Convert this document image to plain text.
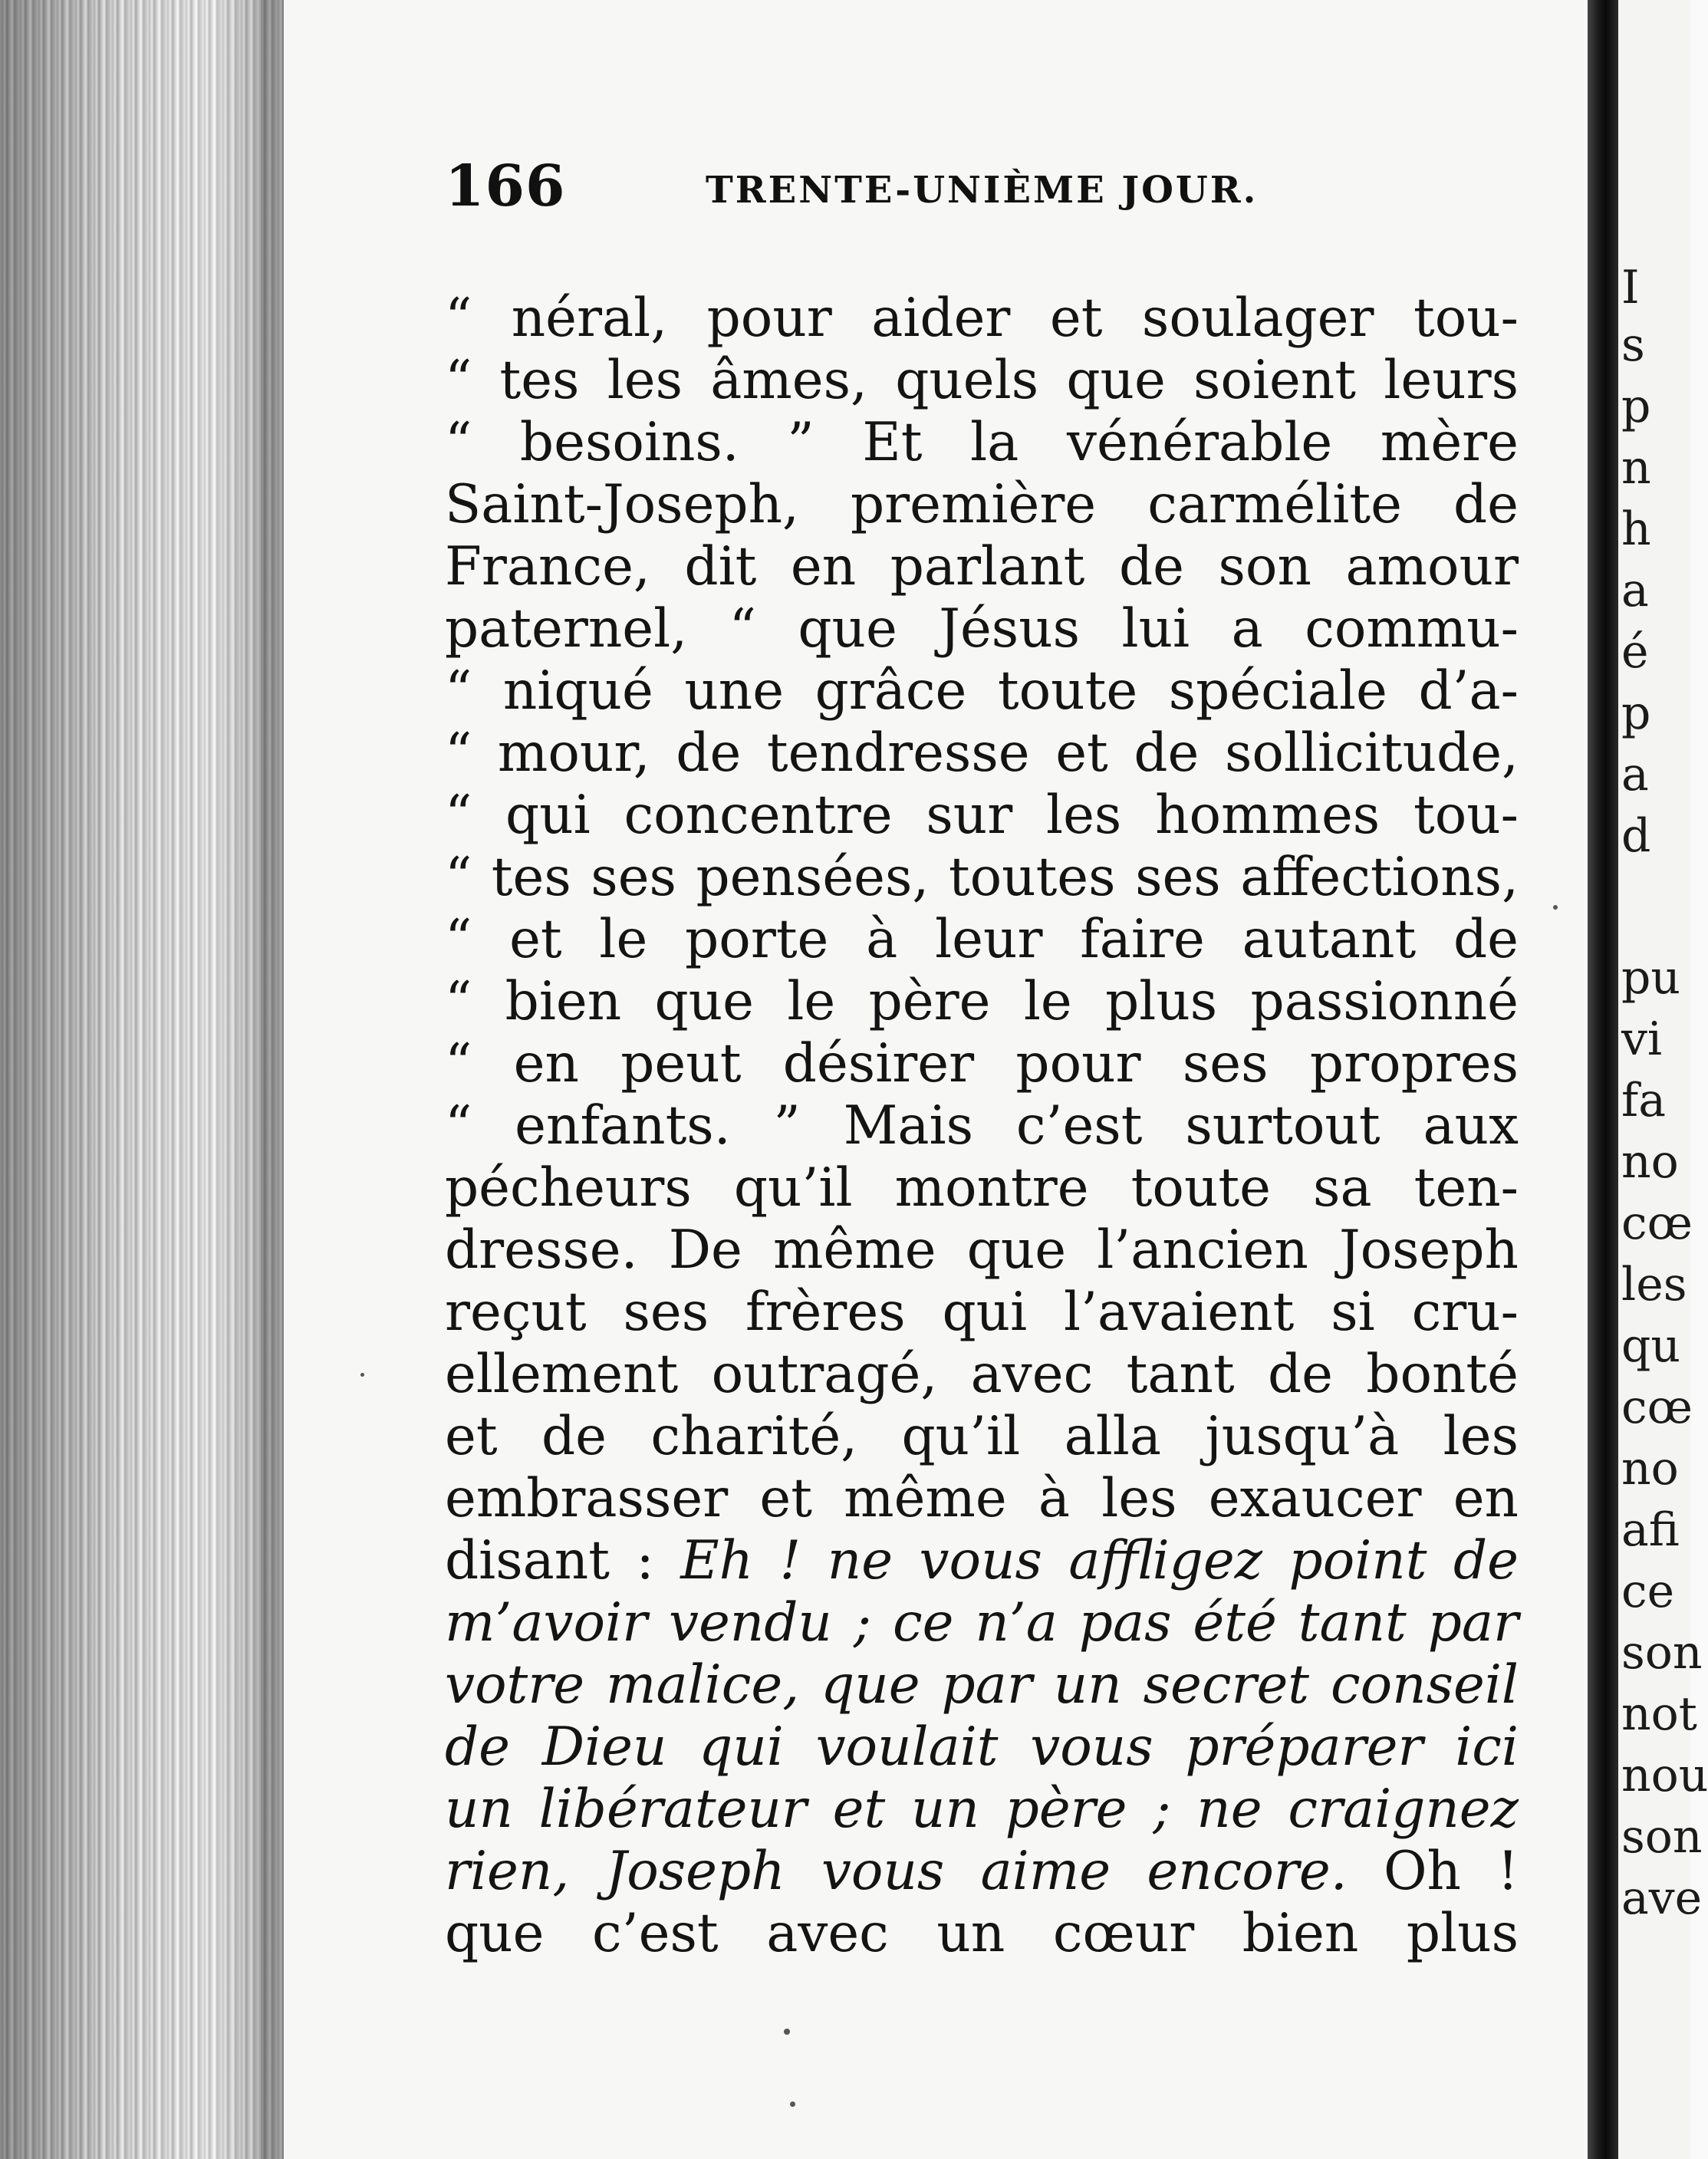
166	TRENTE-UNIÈME JOUR.
“ néral, pour aider et soulager tou-
“ tes les âmes, quels que soient leurs
“ besoins. ” Et la vénérable mère
Saint-Joseph, première carmélite de
France, dit en parlant de son amour
paternel, “ que Jésus lui a commu-
“ niqué une grâce toute spéciale d’a-
“ mour, de tendresse et de sollicitude,
“ qui concentre sur les hommes tou-
“ tes ses pensées, toutes ses affections,
“ et le porte à leur faire autant de
“ bien que le père le plus passionné
“ en peut désirer pour ses propres
“ enfants. ” Mais c’est surtout aux
pécheurs qu’il montre toute sa ten-
dresse. De même que l’ancien Joseph
reçut ses frères qui l’avaient si cru-
ellement outragé, avec tant de bonté
et de charité, qu’il alla jusqu’à les
embrasser et même à les exaucer en
disant : Eh ! ne vous affligez point de
m’avoir vendu ; ce n’a pas été tant par
votre malice, que par un secret conseil
de Dieu qui voulait vous préparer ici
un libérateur et un père ; ne craignez
rien, Joseph vous aime encore. Oh !
que c’est avec un cœur bien plus
I
s
p
n
h
a
é
p
a
d
pu
vi
fa
no
cœ
les
qu
cœ
no
afi
ce
son
not
nou
son
ave
